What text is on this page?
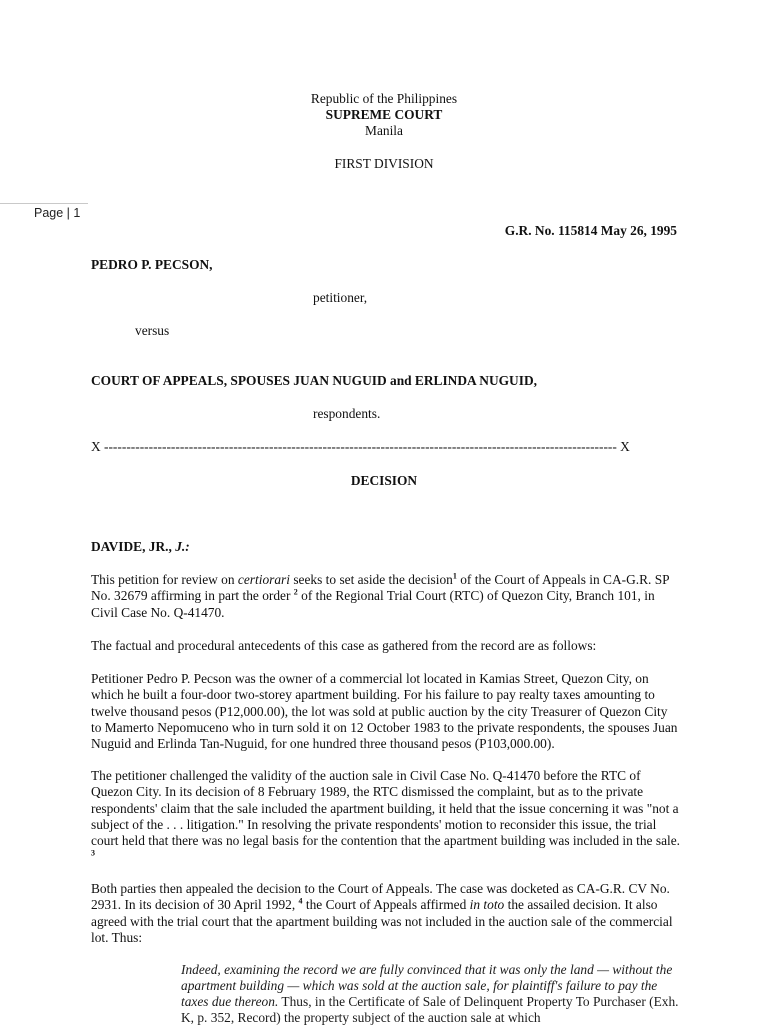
Republic of the Philippines
SUPREME COURT
Manila
FIRST DIVISION
Page | 1
G.R. No. 115814 May 26, 1995
PEDRO P. PECSON,
petitioner,
versus
COURT OF APPEALS, SPOUSES JUAN NUGUID and ERLINDA NUGUID,
respondents.
X ------------------------------------------------------------------------------------------------------------------- X
DECISION
DAVIDE, JR., J.:
This petition for review on certiorari seeks to set aside the decision$^1$ of the Court of Appeals in CA-G.R. SP No. 32679 affirming in part the order $^2$ of the Regional Trial Court (RTC) of Quezon City, Branch 101, in Civil Case No. Q-41470.
The factual and procedural antecedents of this case as gathered from the record are as follows:
Petitioner Pedro P. Pecson was the owner of a commercial lot located in Kamias Street, Quezon City, on which he built a four-door two-storey apartment building. For his failure to pay realty taxes amounting to twelve thousand pesos (P12,000.00), the lot was sold at public auction by the city Treasurer of Quezon City to Mamerto Nepomuceno who in turn sold it on 12 October 1983 to the private respondents, the spouses Juan Nuguid and Erlinda Tan-Nuguid, for one hundred three thousand pesos (P103,000.00).
The petitioner challenged the validity of the auction sale in Civil Case No. Q-41470 before the RTC of Quezon City. In its decision of 8 February 1989, the RTC dismissed the complaint, but as to the private respondents' claim that the sale included the apartment building, it held that the issue concerning it was "not a subject of the . . . litigation." In resolving the private respondents' motion to reconsider this issue, the trial court held that there was no legal basis for the contention that the apartment building was included in the sale. $^3$
Both parties then appealed the decision to the Court of Appeals. The case was docketed as CA-G.R. CV No. 2931. In its decision of 30 April 1992, $^4$ the Court of Appeals affirmed in toto the assailed decision. It also agreed with the trial court that the apartment building was not included in the auction sale of the commercial lot. Thus:
Indeed, examining the record we are fully convinced that it was only the land — without the apartment building — which was sold at the auction sale, for plaintiff's failure to pay the taxes due thereon. Thus, in the Certificate of Sale of Delinquent Property To Purchaser (Exh. K, p. 352, Record) the property subject of the auction sale at which
